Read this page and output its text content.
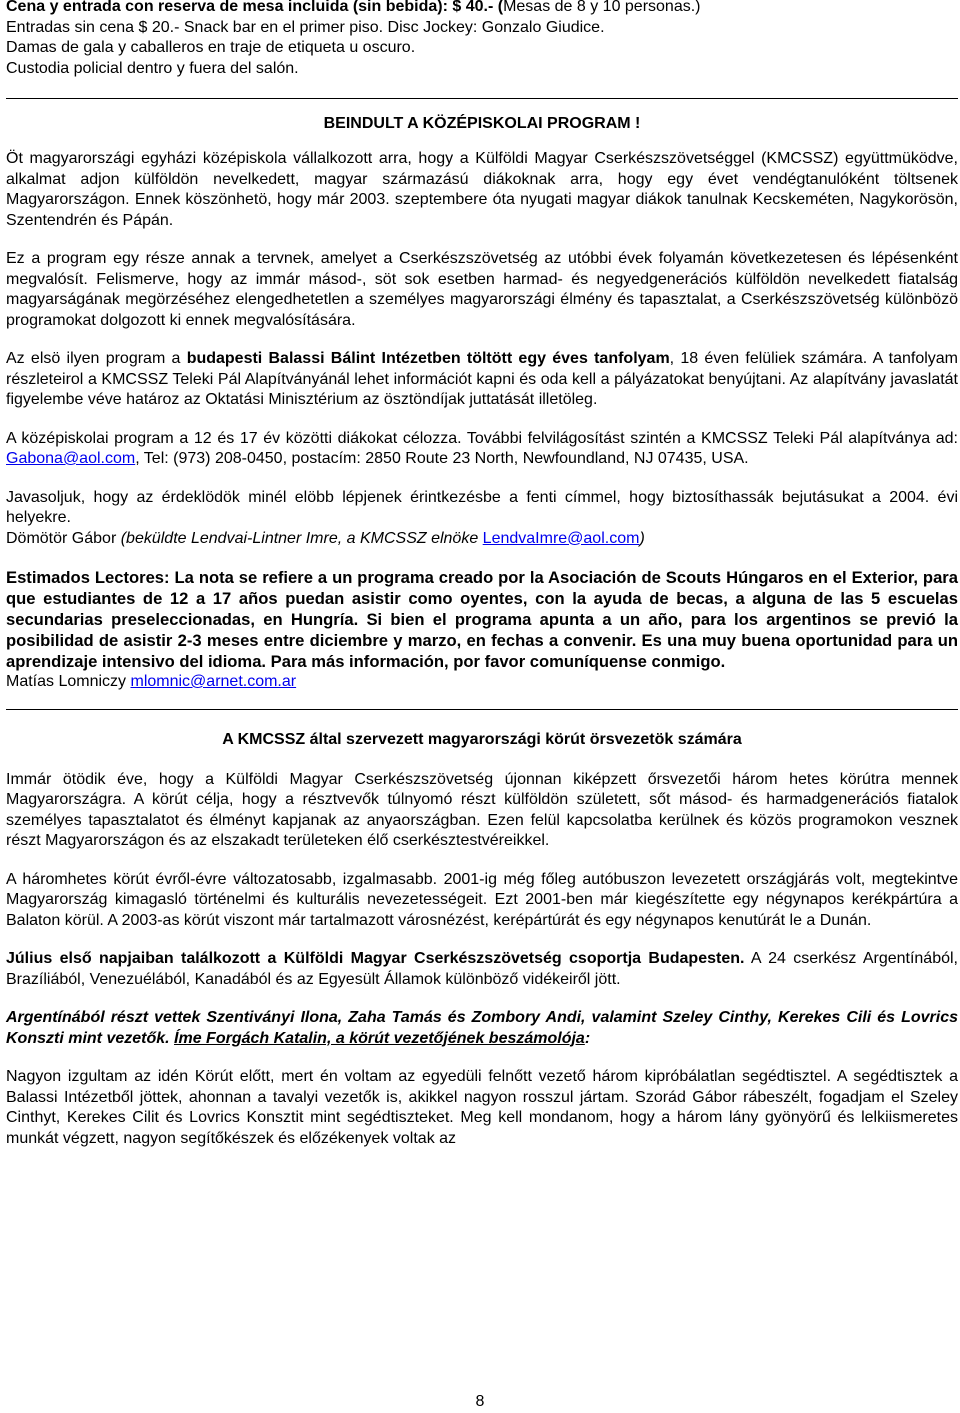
Cena y entrada con reserva de mesa incluida (sin bebida): $ 40.- (Mesas de 8 y 10 personas.)

Entradas sin cena $ 20.- Snack bar en el primer piso. Disc Jockey: Gonzalo Giudice.

Damas de gala y caballeros en traje de etiqueta u oscuro.

Custodia policial dentro y fuera del salón.

BEINDULT A KÖZÉPISKOLAI PROGRAM !

Öt magyarországi egyházi középiskola vállalkozott arra, hogy a Külföldi Magyar Cserkészszövetséggel (KMCSSZ) együttmüködve, alkalmat adjon külföldön nevelkedett, magyar származású diákoknak arra, hogy egy évet vendégtanulóként töltsenek Magyarországon. Ennek köszönhetö, hogy már 2003. szeptembere óta nyugati magyar diákok tanulnak Kecskeméten, Nagykorösön, Szentendrén és Pápán.

Ez a program egy része annak a tervnek, amelyet a Cserkészszövetség az utóbbi évek folyamán következetesen és lépésenként megvalósít. Felismerve, hogy az immár másod-, söt sok esetben harmad- és negyedgenerációs külföldön nevelkedett fiatalság magyarságának megörzéséhez elengedhetetlen a személyes magyarországi élmény és tapasztalat, a Cserkészszövetség különbözö programokat dolgozott ki ennek megvalósítására.

Az elsö ilyen program a budapesti Balassi Bálint Intézetben töltött egy éves tanfolyam, 18 éven felüliek számára. A tanfolyam részleteirol a KMCSSZ Teleki Pál Alapítványánál lehet információt kapni és oda kell a pályázatokat benyújtani. Az alapítvány javaslatát figyelembe véve határoz az Oktatási Minisztérium az ösztöndíjak juttatását illetöleg.

A középiskolai program a 12 és 17 év közötti diákokat célozza. További felvilágosítást szintén a KMCSSZ Teleki Pál alapítványa ad: Gabona@aol.com, Tel: (973) 208-0450, postacím: 2850 Route 23 North, Newfoundland, NJ 07435, USA.

Javasoljuk, hogy az érdeklödök minél elöbb lépjenek érintkezésbe a fenti címmel, hogy biztosíthassák bejutásukat a 2004. évi helyekre.

Dömötör Gábor (beküldte Lendvai-Lintner Imre, a KMCSSZ elnöke LendvaImre@aol.com)

Estimados Lectores: La nota se refiere a un programa creado por la Asociación de Scouts Húngaros en el Exterior, para que estudiantes de 12 a 17 años puedan asistir como oyentes, con la ayuda de becas, a alguna de las 5 escuelas secundarias preseleccionadas, en Hungría. Si bien el programa apunta a un año, para los argentinos se previó la posibilidad de asistir 2-3 meses entre diciembre y marzo, en fechas a convenir. Es una muy buena oportunidad para un aprendizaje intensivo del idioma. Para más información, por favor comuníquense conmigo.

Matías Lomniczy mlomnic@arnet.com.ar

A KMCSSZ által szervezett magyarországi körút örsvezetök számára

Immár ötödik éve, hogy a Külföldi Magyar Cserkészszövetség újonnan kiképzett őrsvezetői három hetes körútra mennek Magyarországra. A körút célja, hogy a résztvevők túlnyomó részt külföldön született, sőt másod- és harmadgenerációs fiatalok személyes tapasztalatot és élményt kapjanak az anyaországban. Ezen felül kapcsolatba kerülnek és közös programokon vesznek részt Magyarországon és az elszakadt területeken élő cserkésztestvéreikkel.

A háromhetes körút évről-évre változatosabb, izgalmasabb. 2001-ig még főleg autóbuszon levezetett országjárás volt, megtekintve Magyarország kimagasló történelmi és kulturális nevezetességeit. Ezt 2001-ben már kiegészítette egy négynapos kerékpártúra a Balaton körül. A 2003-as körút viszont már tartalmazott városnézést, kerépártúrát és egy négynapos kenutúrát le a Dunán.

Július első napjaiban találkozott a Külföldi Magyar Cserkészszövetség csoportja Budapesten. A 24 cserkész Argentínából, Brazíliából, Venezuélából, Kanadából és az Egyesült Államok különböző vidékeiről jött.

Argentínából részt vettek Szentiványi Ilona, Zaha Tamás és Zombory Andi, valamint Szeley Cinthy, Kerekes Cili és Lovrics Konszti mint vezetők. Íme Forgách Katalin, a körút vezetőjének beszámolója:

Nagyon izgultam az idén Körút előtt, mert én voltam az egyedüli felnőtt vezető három kipróbálatlan segédtisztel. A segédtisztek a Balassi Intézetből jöttek, ahonnan a tavalyi vezetők is, akikkel nagyon rosszul jártam. Szorád Gábor rábeszélt, fogadjam el Szeley Cinthyt, Kerekes Cilit és Lovrics Konsztit mint segédtiszteket. Meg kell mondanom, hogy a három lány gyönyörű és lelkiismeretes munkát végzett, nagyon segítőkészek és előzékenyek voltak az

8
